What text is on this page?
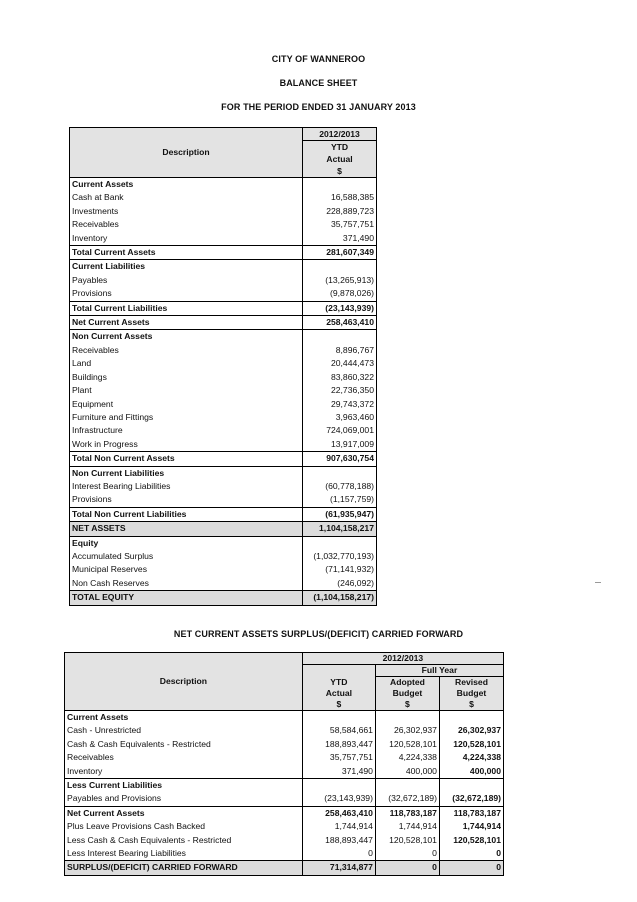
CITY OF WANNEROO
BALANCE SHEET
FOR THE PERIOD ENDED 31 JANUARY 2013
Description	2012/2013
	YTD
	Actual
	$
Current Assets	
Cash at Bank	16,588,385
Investments	228,889,723
Receivables	35,757,751
Inventory	371,490
Total Current Assets	281,607,349
Current Liabilities	
Payables	(13,265,913)
Provisions	(9,878,026)
Total Current Liabilities	(23,143,939)
Net Current Assets	258,463,410
Non Current Assets	
Receivables	8,896,767
Land	20,444,473
Buildings	83,860,322
Plant	22,736,350
Equipment	29,743,372
Furniture and Fittings	3,963,460
Infrastructure	724,069,001
Work in Progress	13,917,009
Total Non Current Assets	907,630,754
Non Current Liabilities	
Interest Bearing Liabilities	(60,778,188)
Provisions	(1,157,759)
Total Non Current Liabilities	(61,935,947)
NET ASSETS	1,104,158,217
Equity	
Accumulated Surplus	(1,032,770,193)
Municipal Reserves	(71,141,932)
Non Cash Reserves	(246,092)
TOTAL EQUITY	(1,104,158,217)
NET CURRENT ASSETS SURPLUS/(DEFICIT) CARRIED FORWARD
Description	2012/2013		
		Full Year	
	YTD	Adopted	Revised
	Actual	Budget	Budget
	$	$	$
Current Assets			
Cash - Unrestricted	58,584,661	26,302,937	26,302,937
Cash & Cash Equivalents - Restricted	188,893,447	120,528,101	120,528,101
Receivables	35,757,751	4,224,338	4,224,338
Inventory	371,490	400,000	400,000
Less Current Liabilities			
Payables and Provisions	(23,143,939)	(32,672,189)	(32,672,189)
Net Current Assets	258,463,410	118,783,187	118,783,187
Plus Leave Provisions Cash Backed	1,744,914	1,744,914	1,744,914
Less Cash & Cash Equivalents - Restricted	188,893,447	120,528,101	120,528,101
Less Interest Bearing Liabilities	0	0	0
SURPLUS/(DEFICIT) CARRIED FORWARD	71,314,877	0	0
